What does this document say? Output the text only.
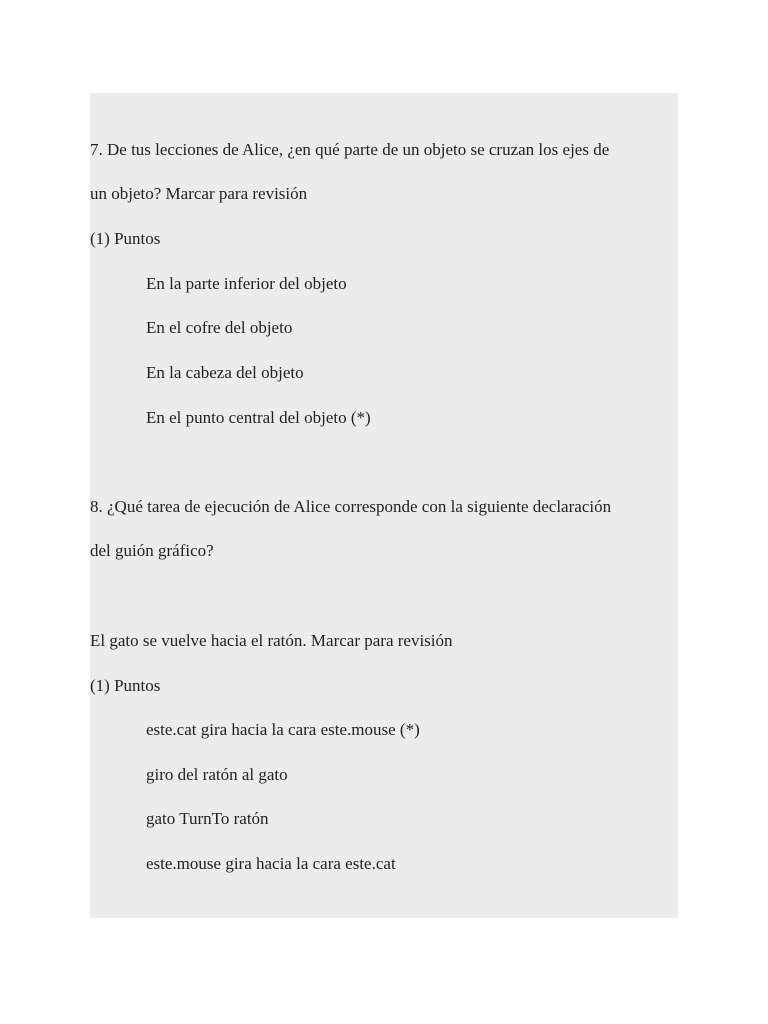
7. De tus lecciones de Alice, ¿en qué parte de un objeto se cruzan los ejes de
un objeto? Marcar para revisión
(1) Puntos
En la parte inferior del objeto
En el cofre del objeto
En la cabeza del objeto
En el punto central del objeto (*)
8. ¿Qué tarea de ejecución de Alice corresponde con la siguiente declaración
del guión gráfico?
El gato se vuelve hacia el ratón. Marcar para revisión
(1) Puntos
este.cat gira hacia la cara este.mouse (*)
giro del ratón al gato
gato TurnTo ratón
este.mouse gira hacia la cara este.cat
